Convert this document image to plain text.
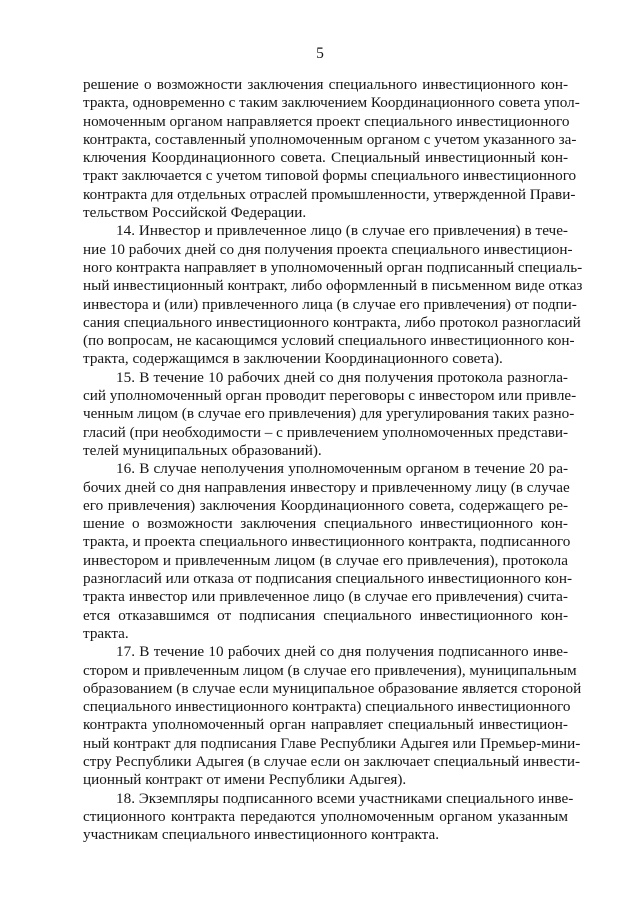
5
решение о возможности заключения специального инвестиционного кон-
тракта, одновременно с таким заключением Координационного совета упол-
номоченным органом направляется проект специального инвестиционного
контракта, составленный уполномоченным органом с учетом указанного за-
ключения Координационного совета. Специальный инвестиционный кон-
тракт заключается с учетом типовой формы специального инвестиционного
контракта для отдельных отраслей промышленности, утвержденной Прави-
тельством Российской Федерации.
14. Инвестор и привлеченное лицо (в случае его привлечения) в тече-
ние 10 рабочих дней со дня получения проекта специального инвестицион-
ного контракта направляет в уполномоченный орган подписанный специаль-
ный инвестиционный контракт, либо оформленный в письменном виде отказ
инвестора и (или) привлеченного лица (в случае его привлечения) от подпи-
сания специального инвестиционного контракта, либо протокол разногласий
(по вопросам, не касающимся условий специального инвестиционного кон-
тракта, содержащимся в заключении Координационного совета).
15. В течение 10 рабочих дней со дня получения протокола разногла-
сий уполномоченный орган проводит переговоры с инвестором или привле-
ченным лицом (в случае его привлечения) для урегулирования таких разно-
гласий (при необходимости – с привлечением уполномоченных представи-
телей муниципальных образований).
16. В случае неполучения уполномоченным органом в течение 20 ра-
бочих дней со дня направления инвестору и привлеченному лицу (в случае
его привлечения) заключения Координационного совета, содержащего ре-
шение о возможности заключения специального инвестиционного кон-
тракта, и проекта специального инвестиционного контракта, подписанного
инвестором и привлеченным лицом (в случае его привлечения), протокола
разногласий или отказа от подписания специального инвестиционного кон-
тракта инвестор или привлеченное лицо (в случае его привлечения) счита-
ется отказавшимся от подписания специального инвестиционного кон-
тракта.
17. В течение 10 рабочих дней со дня получения подписанного инве-
стором и привлеченным лицом (в случае его привлечения), муниципальным
образованием (в случае если муниципальное образование является стороной
специального инвестиционного контракта) специального инвестиционного
контракта уполномоченный орган направляет специальный инвестицион-
ный контракт для подписания Главе Республики Адыгея или Премьер-мини-
стру Республики Адыгея (в случае если он заключает специальный инвести-
ционный контракт от имени Республики Адыгея).
18. Экземпляры подписанного всеми участниками специального инве-
стиционного контракта передаются уполномоченным органом указанным
участникам специального инвестиционного контракта.
